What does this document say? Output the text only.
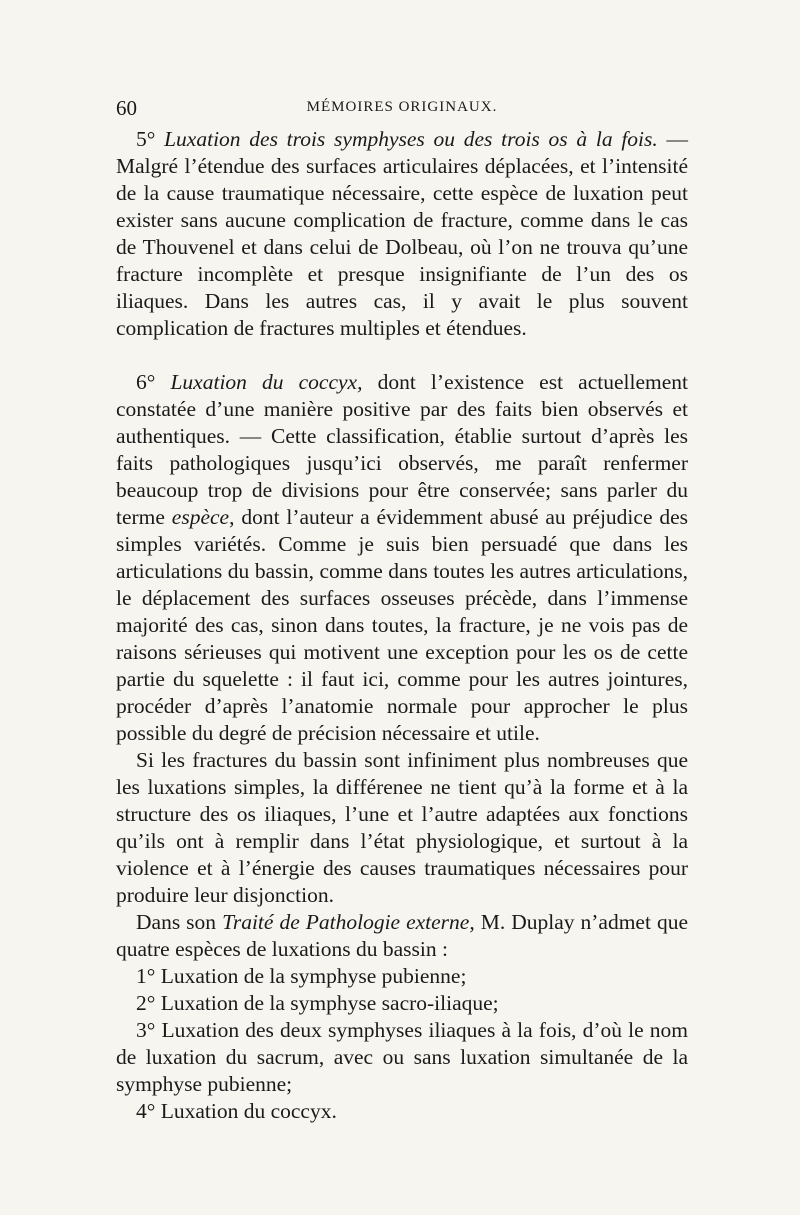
60	MÉMOIRES ORIGINAUX.

5° Luxation des trois symphyses ou des trois os à la fois. — Malgré l’étendue des surfaces articulaires déplacées, et l’intensité de la cause traumatique nécessaire, cette espèce de luxation peut exister sans aucune complication de fracture, comme dans le cas de Thouvenel et dans celui de Dolbeau, où l’on ne trouva qu’une fracture incomplète et presque insignifiante de l’un des os iliaques. Dans les autres cas, il y avait le plus souvent complication de fractures multiples et étendues.

6° Luxation du coccyx, dont l’existence est actuellement constatée d’une manière positive par des faits bien observés et authentiques. — Cette classification, établie surtout d’après les faits pathologiques jusqu’ici observés, me paraît renfermer beaucoup trop de divisions pour être conservée; sans parler du terme espèce, dont l’auteur a évidemment abusé au préjudice des simples variétés. Comme je suis bien persuadé que dans les articulations du bassin, comme dans toutes les autres articulations, le déplacement des surfaces osseuses précède, dans l’immense majorité des cas, sinon dans toutes, la fracture, je ne vois pas de raisons sérieuses qui motivent une exception pour les os de cette partie du squelette : il faut ici, comme pour les autres jointures, procéder d’après l’anatomie normale pour approcher le plus possible du degré de précision nécessaire et utile.

Si les fractures du bassin sont infiniment plus nombreuses que les luxations simples, la différenee ne tient qu’à la forme et à la structure des os iliaques, l’une et l’autre adaptées aux fonctions qu’ils ont à remplir dans l’état physiologique, et surtout à la violence et à l’énergie des causes traumatiques nécessaires pour produire leur disjonction.

Dans son Traité de Pathologie externe, M. Duplay n’admet que quatre espèces de luxations du bassin :

1° Luxation de la symphyse pubienne;

2° Luxation de la symphyse sacro-iliaque;

3° Luxation des deux symphyses iliaques à la fois, d’où le nom de luxation du sacrum, avec ou sans luxation simultanée de la symphyse pubienne;

4° Luxation du coccyx.
